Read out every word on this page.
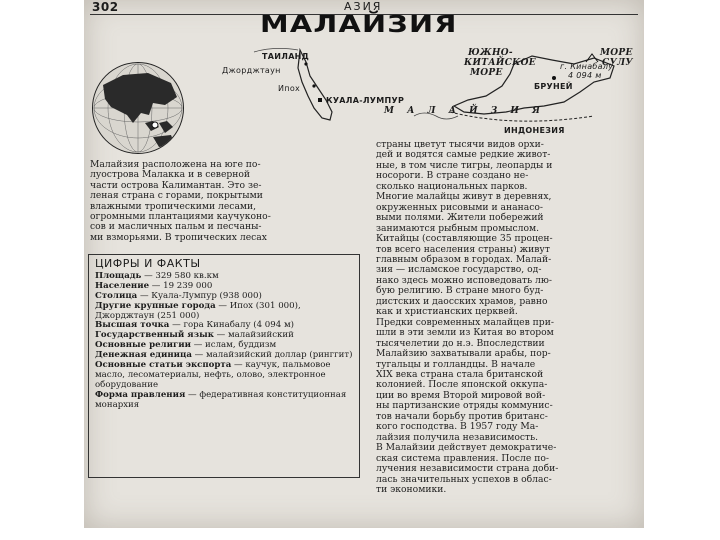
302	АЗИЯ
МАЛАЙЗИЯ
ТАИЛАНД	ЮЖНО-
КИТАЙСКОЕ
МОРЕ
МОРЕ
СУЛУ
Джорджтаун	г. Кинабалу
4 094 м
Ипох	БРУНЕЙ
КУАЛА-ЛУМПУР
М А Л А Й З И Я
ИНДОНЕЗИЯ
Малайзия расположена на юге по-
луострова Малакка и в северной
части острова Калимантан. Это зе-
леная страна с горами, покрытыми
влажными тропическими лесами,
огромными плантациями каучуконо-
сов и масличных пальм и песчаны-
ми взморьями. В тропических лесах
ЦИФРЫ И ФАКТЫ

Площадь — 329 580 кв.км

Население — 19 239 000

Столица — Куала-Лумпур (938 000)

Другие крупные города — Ипох (301 000), Джорджтаун (251 000)

Высшая точка — гора Кинабалу (4 094 м)

Государственный язык — малайзийский

Основные религии — ислам, буддизм

Денежная единица — малайзийский доллар (ринггит)

Основные статьи экспорта — каучук, пальмовое масло, лесоматериалы, нефть, олово, электронное оборудование

Форма правления — федеративная конституционная монархия

страны цветут тысячи видов орхи-
дей и водятся самые редкие живот-
ные, в том числе тигры, леопарды и
носороги. В стране создано не-
сколько национальных парков.
Многие малайцы живут в деревнях,
окруженных рисовыми и ананасо-
выми полями. Жители побережий
занимаются рыбным промыслом.
Китайцы (составляющие 35 процен-
тов всего населения страны) живут
главным образом в городах. Малай-
зия — исламское государство, од-
нако здесь можно исповедовать лю-
бую религию. В стране много буд-
дистских и даосских храмов, равно
как и христианских церквей.
Предки современных малайцев при-
шли в эти земли из Китая во втором
тысячелетии до н.э. Впоследствии
Малайзию захватывали арабы, пор-
тугальцы и голландцы. В начале
XIX века страна стала британской
колонией. После японской оккупа-
ции во время Второй мировой вой-
ны партизанские отряды коммунис-
тов начали борьбу против британс-
кого господства. В 1957 году Ма-
лайзия получила независимость.
В Малайзии действует демократиче-
ская система правления. После по-
лучения независимости страна доби-
лась значительных успехов в облас-
ти экономики.
